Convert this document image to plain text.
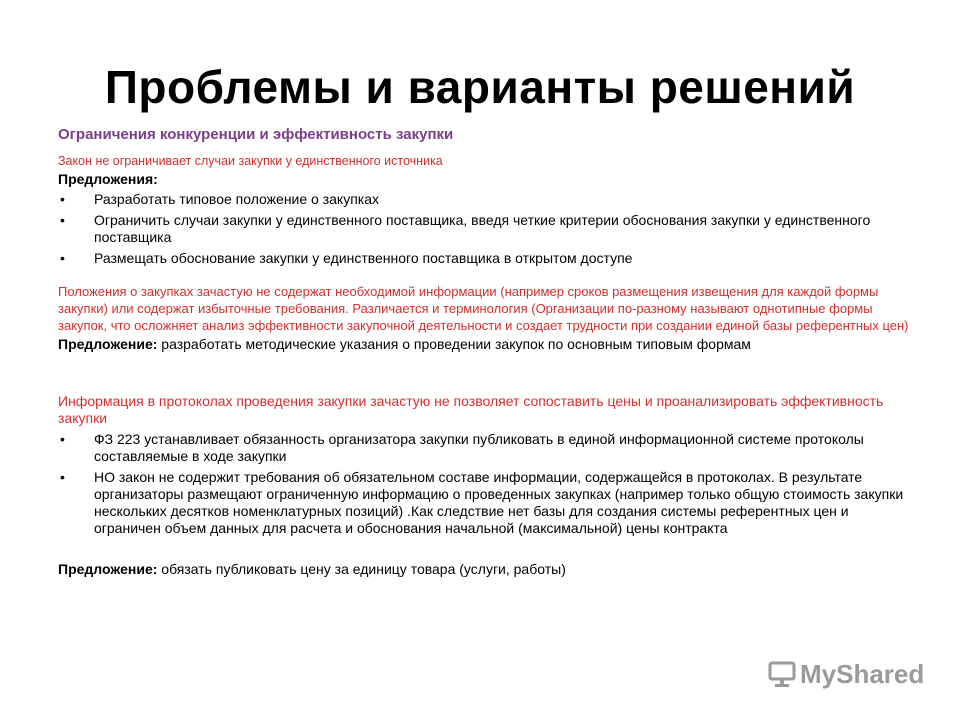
Проблемы и варианты решений
Ограничения конкуренции и эффективность закупки
Закон не ограничивает случаи закупки у единственного источника
Предложения:
• Разработать типовое положение о закупках
• Ограничить случаи закупки у единственного поставщика, введя четкие критерии обоснования закупки у единственного поставщика
• Размещать обоснование закупки у единственного поставщика в открытом доступе
Положения о закупках зачастую не содержат необходимой информации (например сроков размещения извещения для каждой формы закупки) или содержат избыточные требования. Различается и терминология (Организации по-разному называют однотипные формы закупок, что осложняет анализ эффективности закупочной деятельности и создает трудности при создании единой базы референтных цен)
Предложение: разработать методические указания о проведении закупок по основным типовым формам
Информация в протоколах проведения закупки зачастую не позволяет сопоставить цены и проанализировать эффективность закупки
• ФЗ 223 устанавливает обязанность организатора закупки публиковать в единой информационной системе протоколы составляемые в ходе закупки
• НО закон не содержит требования об обязательном составе информации, содержащейся в протоколах. В результате организаторы размещают ограниченную информацию о проведенных закупках (например только общую стоимость закупки нескольких десятков номенклатурных позиций) .Как следствие нет базы для создания системы референтных цен и ограничен объем данных для расчета и обоснования начальной (максимальной) цены контракта
Предложение: обязать публиковать цену за единицу товара (услуги, работы)
MyShared
